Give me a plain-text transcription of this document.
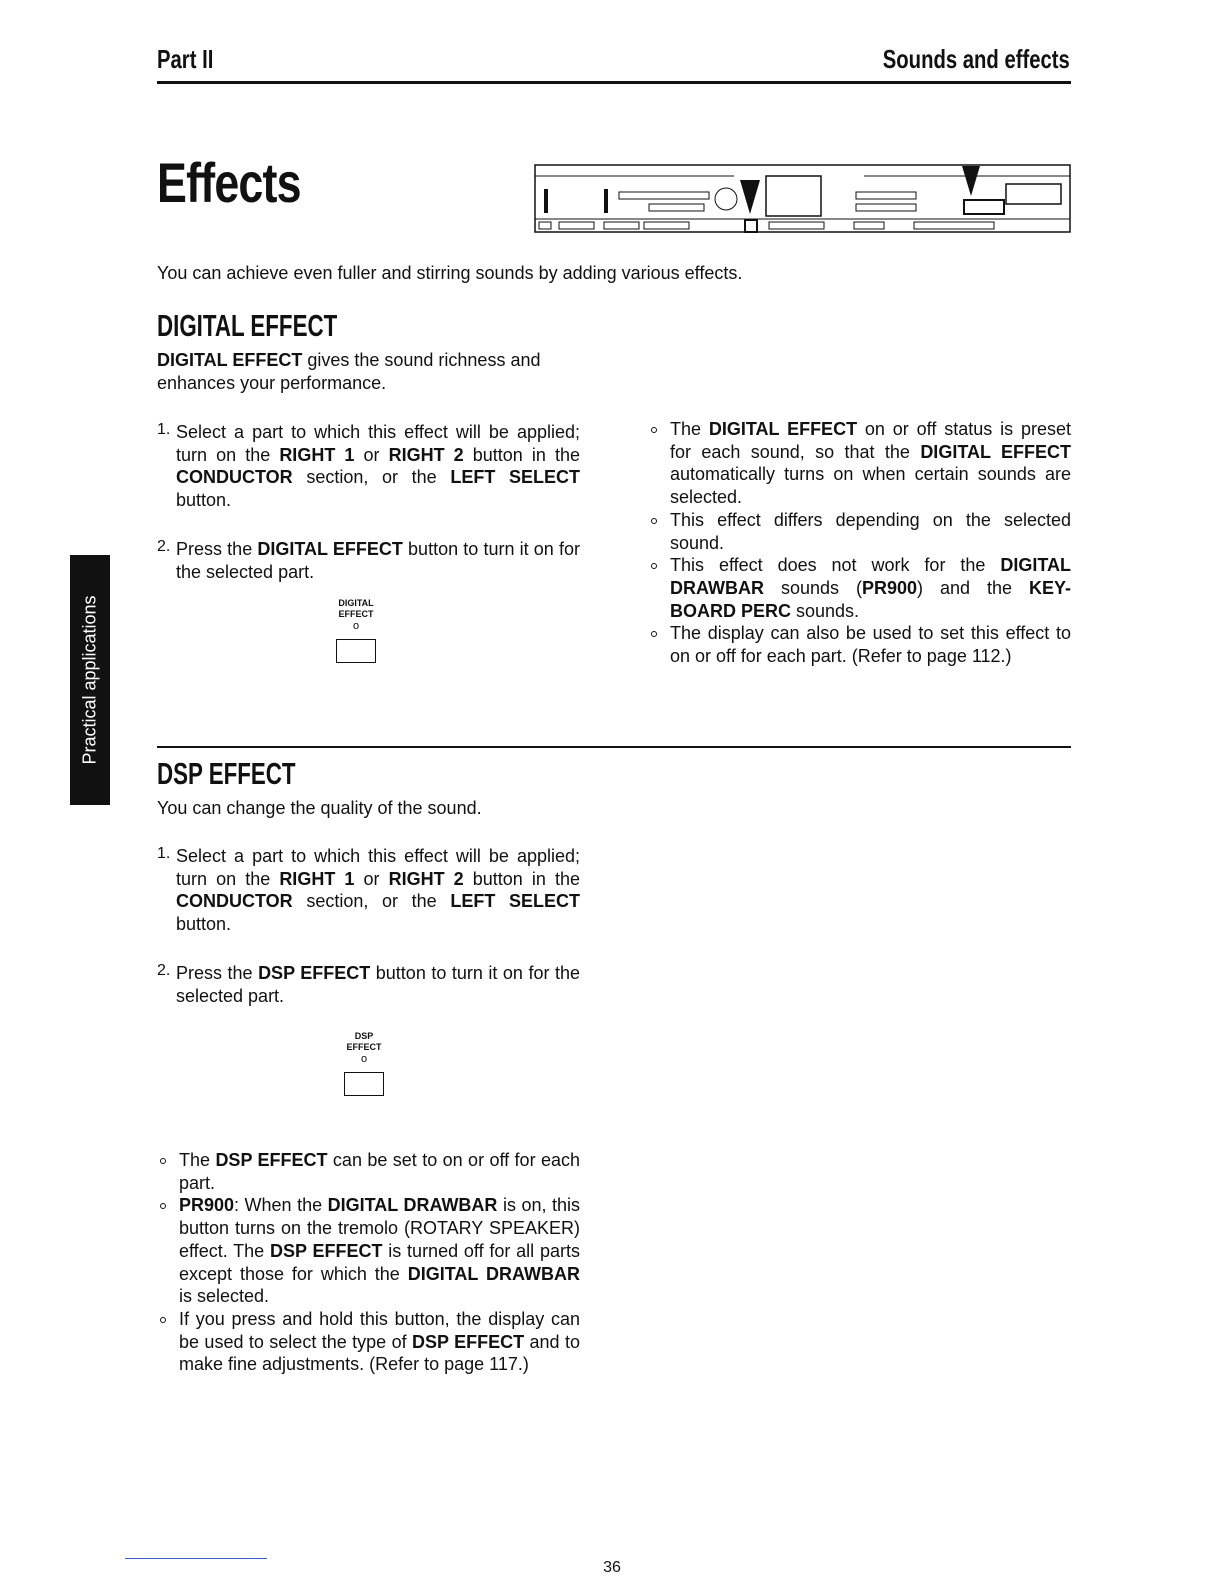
Part II	Sounds and effects
Effects

You can achieve even fuller and stirring sounds by adding various effects.

DIGITAL EFFECT
DIGITAL EFFECT gives the sound richness and enhances your performance.
1. Select a part to which this effect will be applied; turn on the RIGHT 1 or RIGHT 2 button in the CONDUCTOR section, or the LEFT SELECT button.

2. Press the DIGITAL EFFECT button to turn it on for the selected part.

DIGITAL
EFFECT
o

The DIGITAL EFFECT on or off status is preset for each sound, so that the DIGITAL EFFECT automatically turns on when certain sounds are selected.

This effect differs depending on the selected sound.

This effect does not work for the DIGITAL DRAWBAR sounds (PR900) and the KEY-BOARD PERC sounds.

The display can also be used to set this effect to on or off for each part. (Refer to page 112.)

Practical applications
DSP EFFECT
You can change the quality of the sound.
1. Select a part to which this effect will be applied; turn on the RIGHT 1 or RIGHT 2 button in the CONDUCTOR section, or the LEFT SELECT button.

2. Press the DSP EFFECT button to turn it on for the selected part.

DSP
EFFECT
o

The DSP EFFECT can be set to on or off for each part.

PR900: When the DIGITAL DRAWBAR is on, this button turns on the tremolo (ROTARY SPEAKER) effect. The DSP EFFECT is turned off for all parts except those for which the DIGITAL DRAWBAR is selected.

If you press and hold this button, the display can be used to select the type of DSP EFFECT and to make fine adjustments. (Refer to page 117.)

36
